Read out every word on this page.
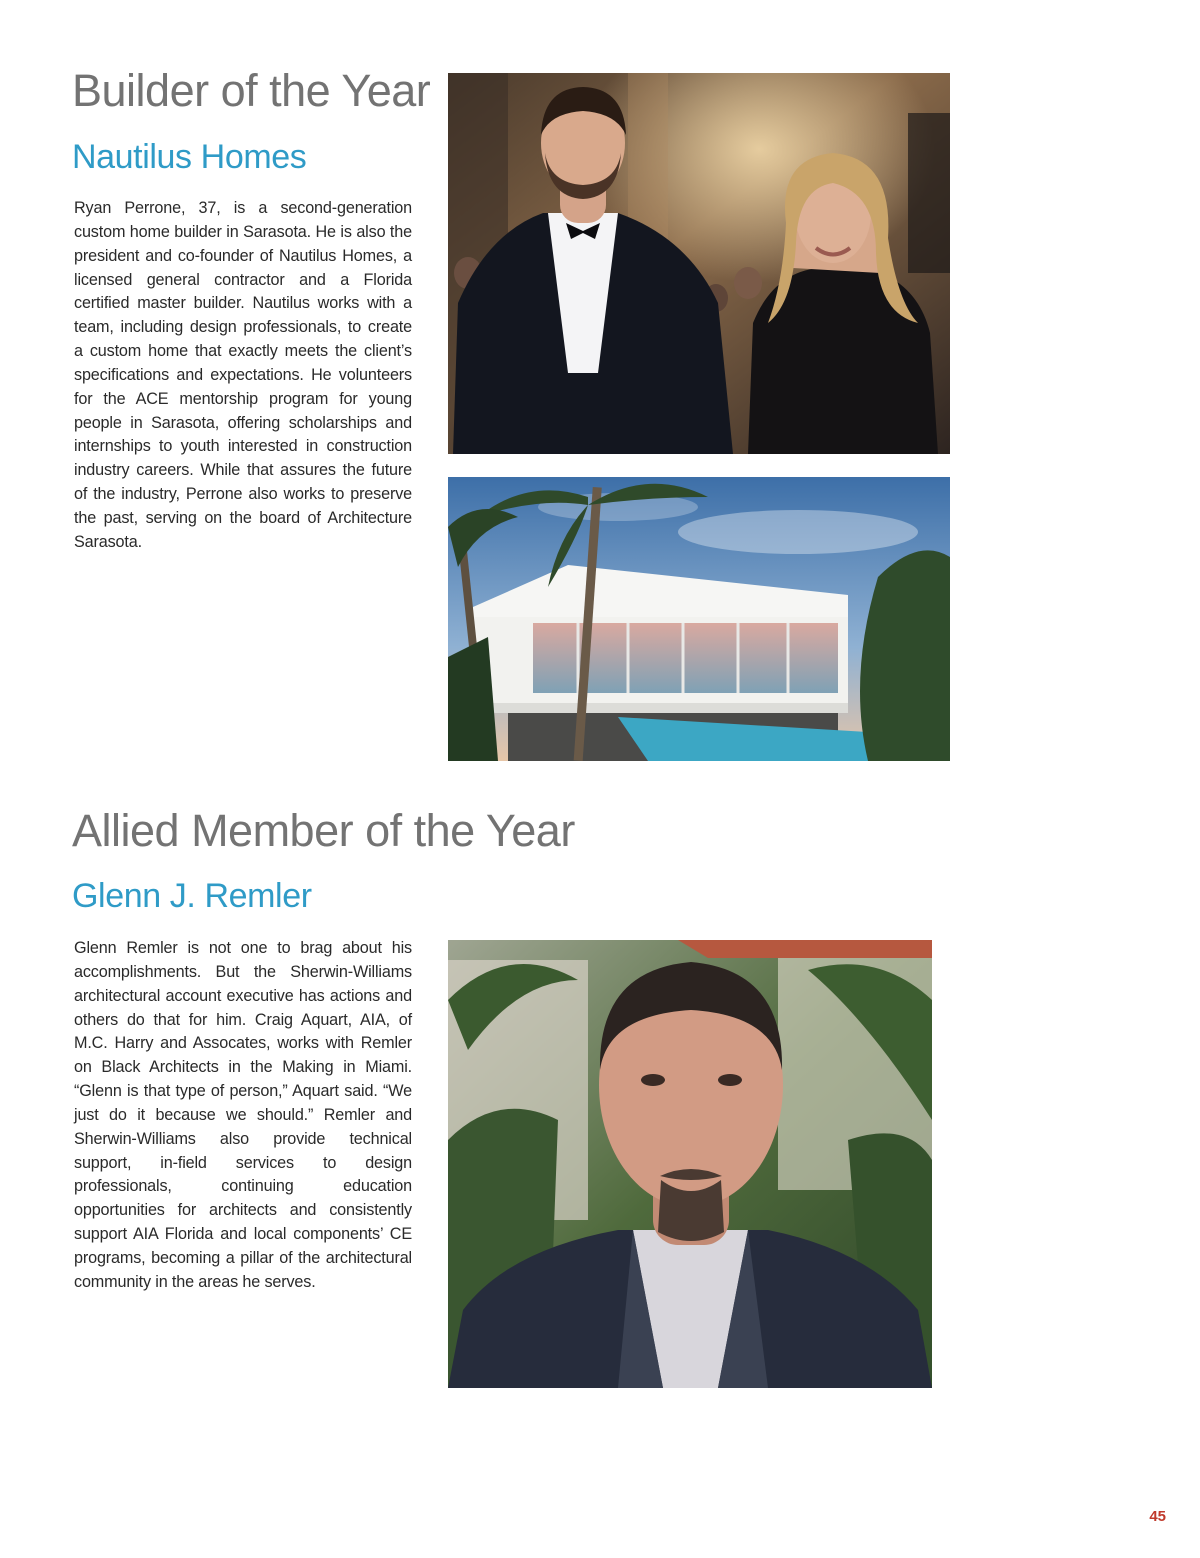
Builder of the Year
Nautilus Homes

Ryan Perrone, 37, is a second-generation custom home builder in Sarasota. He is also the president and co-founder of Nautilus Homes, a licensed general contractor and a Florida certified master builder. Nautilus works with a team, including design professionals, to create a custom home that exactly meets the client’s specifications and expectations. He volunteers for the ACE mentorship program for young people in Sarasota, offering scholarships and internships to youth interested in construction industry careers. While that assures the future of the industry, Perrone also works to preserve the past, serving on the board of Architecture Sarasota.

Allied Member of the Year
Glenn J. Remler

Glenn Remler is not one to brag about his accomplishments. But the Sherwin-Williams architectural account executive has actions and others do that for him. Craig Aquart, AIA, of M.C. Harry and Assocates, works with Remler on Black Architects in the Making in Miami. “Glenn is that type of person,” Aquart said. “We just do it because we should.” Remler and Sherwin-Williams also provide technical support, in-field services to design professionals, continuing education opportunities for architects and consistently support AIA Florida and local components’ CE programs, becoming a pillar of the architectural community in the areas he serves.

45
